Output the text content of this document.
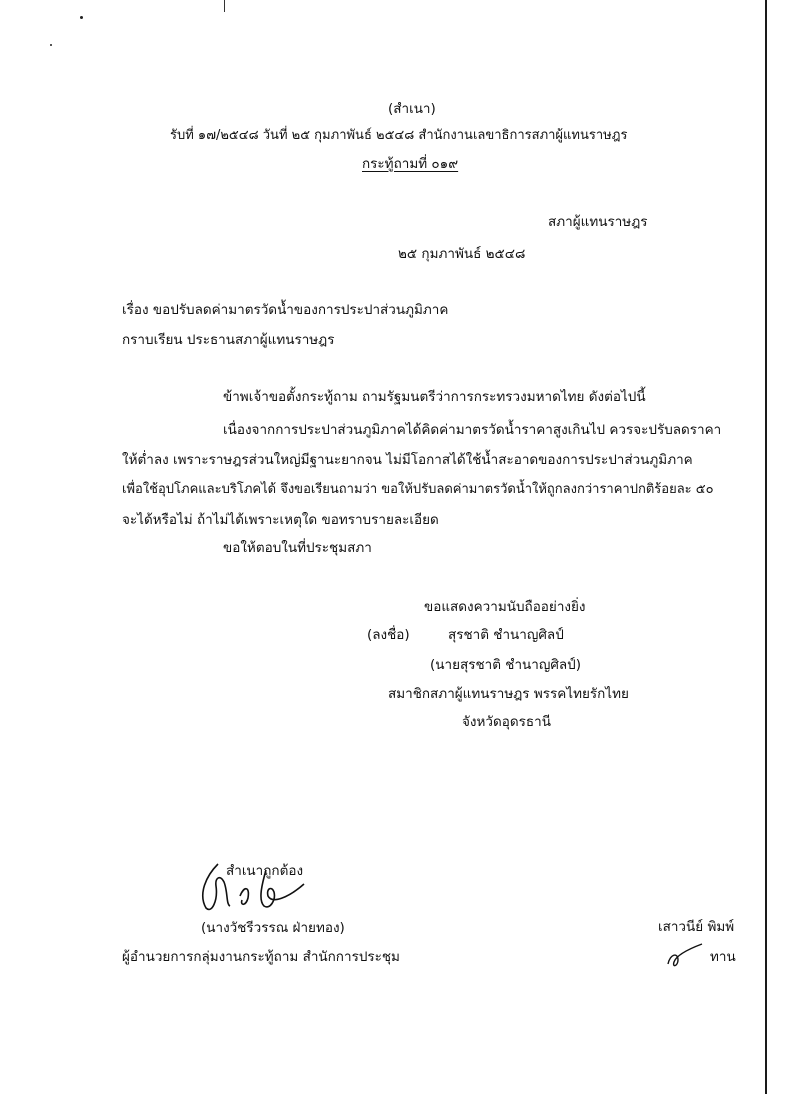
(สำเนา)
รับที่ ๑๗/๒๕๔๘ วันที่ ๒๕ กุมภาพันธ์ ๒๕๔๘ สำนักงานเลขาธิการสภาผู้แทนราษฎร
กระทู้ถามที่ ๐๑๙
สภาผู้แทนราษฎร
๒๕ กุมภาพันธ์ ๒๕๔๘
เรื่อง ขอปรับลดค่ามาตรวัดน้ำของการประปาส่วนภูมิภาค
กราบเรียน ประธานสภาผู้แทนราษฎร
ข้าพเจ้าขอตั้งกระทู้ถาม ถามรัฐมนตรีว่าการกระทรวงมหาดไทย ดังต่อไปนี้
เนื่องจากการประปาส่วนภูมิภาคได้คิดค่ามาตรวัดน้ำราคาสูงเกินไป ควรจะปรับลดราคา
ให้ต่ำลง เพราะราษฎรส่วนใหญ่มีฐานะยากจน ไม่มีโอกาสได้ใช้น้ำสะอาดของการประปาส่วนภูมิภาค
เพื่อใช้อุปโภคและบริโภคได้ จึงขอเรียนถามว่า ขอให้ปรับลดค่ามาตรวัดน้ำให้ถูกลงกว่าราคาปกติร้อยละ ๕๐
จะได้หรือไม่ ถ้าไม่ได้เพราะเหตุใด ขอทราบรายละเอียด
ขอให้ตอบในที่ประชุมสภา
ขอแสดงความนับถืออย่างยิ่ง
(ลงชื่อ)	สุรชาติ ชำนาญศิลป์
(นายสุรชาติ ชำนาญศิลป์)
สมาชิกสภาผู้แทนราษฎร พรรคไทยรักไทย
จังหวัดอุดรธานี
สำเนาถูกต้อง
(นางวัชรีวรรณ ฝ่ายทอง)
ผู้อำนวยการกลุ่มงานกระทู้ถาม สำนักการประชุม
เสาวนีย์ พิมพ์
ทาน
